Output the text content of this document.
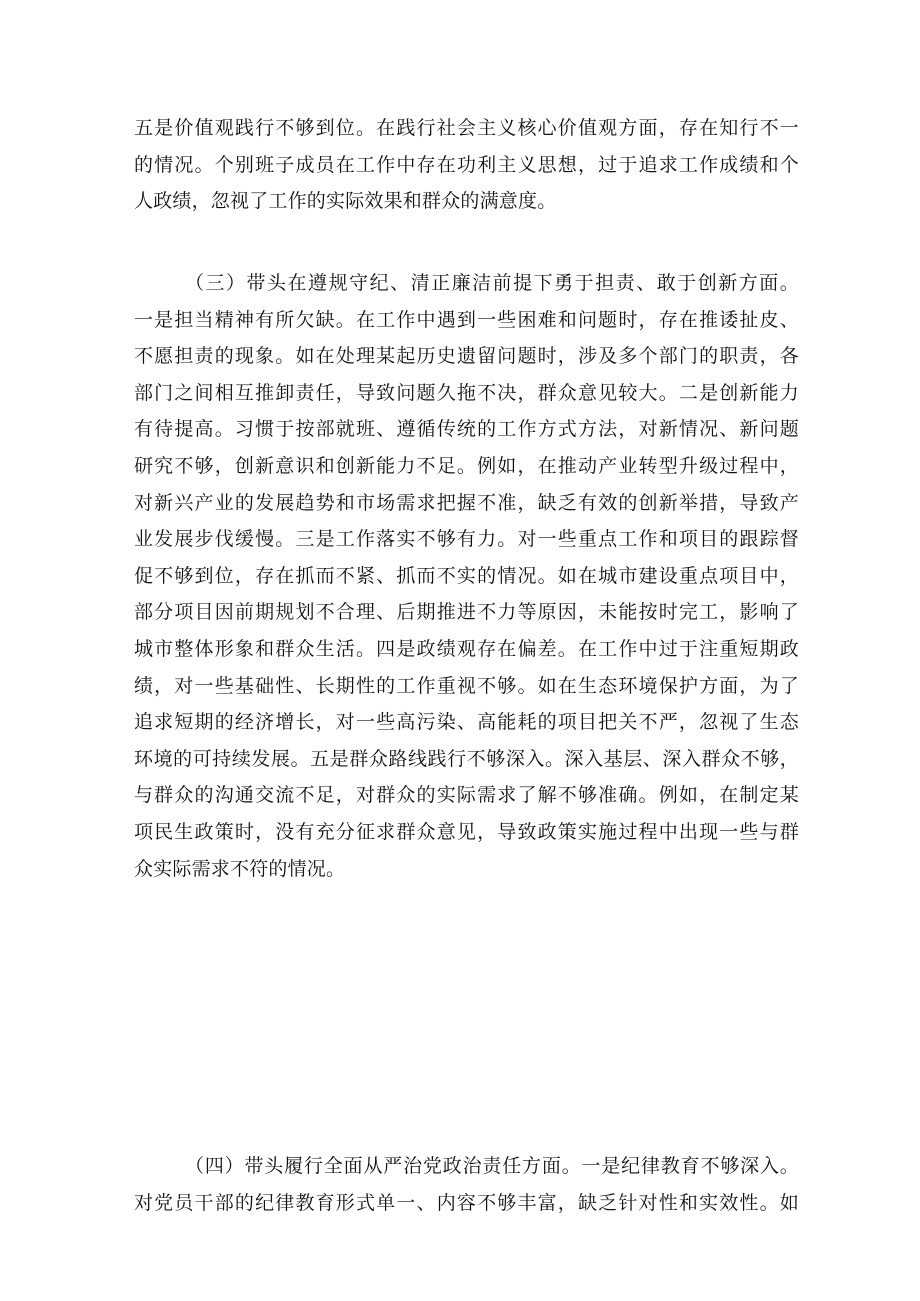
五是价值观践行不够到位。在践行社会主义核心价值观方面，存在知行不一
的情况。个别班子成员在工作中存在功利主义思想，过于追求工作成绩和个
人政绩，忽视了工作的实际效果和群众的满意度。
（三）带头在遵规守纪、清正廉洁前提下勇于担责、敢于创新方面。
一是担当精神有所欠缺。在工作中遇到一些困难和问题时，存在推诿扯皮、
不愿担责的现象。如在处理某起历史遗留问题时，涉及多个部门的职责，各
部门之间相互推卸责任，导致问题久拖不决，群众意见较大。二是创新能力
有待提高。习惯于按部就班、遵循传统的工作方式方法，对新情况、新问题
研究不够，创新意识和创新能力不足。例如，在推动产业转型升级过程中，
对新兴产业的发展趋势和市场需求把握不准，缺乏有效的创新举措，导致产
业发展步伐缓慢。三是工作落实不够有力。对一些重点工作和项目的跟踪督
促不够到位，存在抓而不紧、抓而不实的情况。如在城市建设重点项目中，
部分项目因前期规划不合理、后期推进不力等原因，未能按时完工，影响了
城市整体形象和群众生活。四是政绩观存在偏差。在工作中过于注重短期政
绩，对一些基础性、长期性的工作重视不够。如在生态环境保护方面，为了
追求短期的经济增长，对一些高污染、高能耗的项目把关不严，忽视了生态
环境的可持续发展。五是群众路线践行不够深入。深入基层、深入群众不够，
与群众的沟通交流不足，对群众的实际需求了解不够准确。例如，在制定某
项民生政策时，没有充分征求群众意见，导致政策实施过程中出现一些与群
众实际需求不符的情况。
（四）带头履行全面从严治党政治责任方面。一是纪律教育不够深入。
对党员干部的纪律教育形式单一、内容不够丰富，缺乏针对性和实效性。如
